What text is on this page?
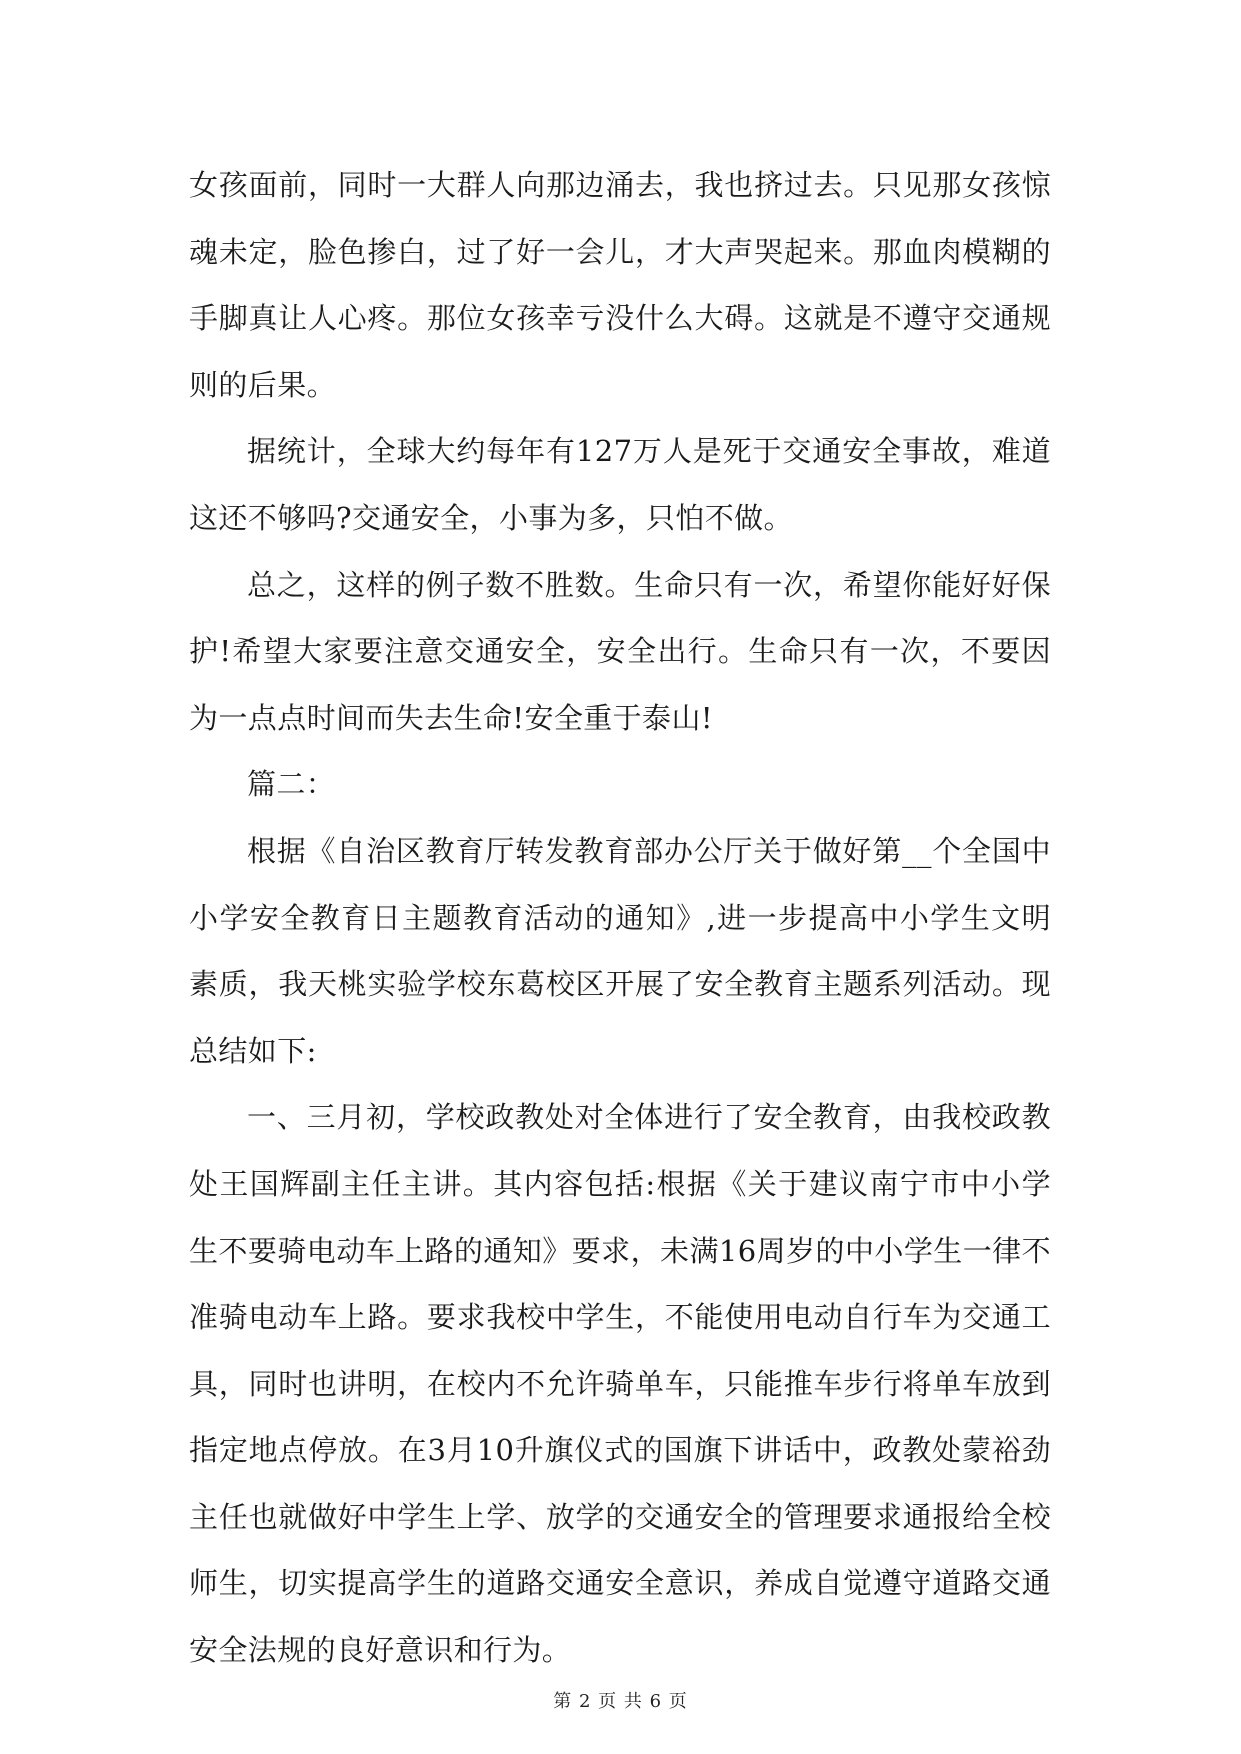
女孩面前，同时一大群人向那边涌去，我也挤过去。只见那女孩惊魂未定，脸色掺白，过了好一会儿，才大声哭起来。那血肉模糊的手脚真让人心疼。那位女孩幸亏没什么大碍。这就是不遵守交通规则的后果。

据统计，全球大约每年有127万人是死于交通安全事故，难道这还不够吗?交通安全，小事为多，只怕不做。

总之，这样的例子数不胜数。生命只有一次，希望你能好好保护!希望大家要注意交通安全，安全出行。生命只有一次，不要因为一点点时间而失去生命!安全重于泰山!

篇二：

根据《自治区教育厅转发教育部办公厅关于做好第__个全国中小学安全教育日主题教育活动的通知》,进一步提高中小学生文明素质，我天桃实验学校东葛校区开展了安全教育主题系列活动。现总结如下:

一、三月初，学校政教处对全体进行了安全教育，由我校政教处王国辉副主任主讲。其内容包括:根据《关于建议南宁市中小学生不要骑电动车上路的通知》要求，未满16周岁的中小学生一律不准骑电动车上路。要求我校中学生，不能使用电动自行车为交通工具，同时也讲明，在校内不允许骑单车，只能推车步行将单车放到指定地点停放。在3月10升旗仪式的国旗下讲话中，政教处蒙裕劲主任也就做好中学生上学、放学的交通安全的管理要求通报给全校师生，切实提高学生的道路交通安全意识，养成自觉遵守道路交通安全法规的良好意识和行为。

第 2 页 共 6 页
